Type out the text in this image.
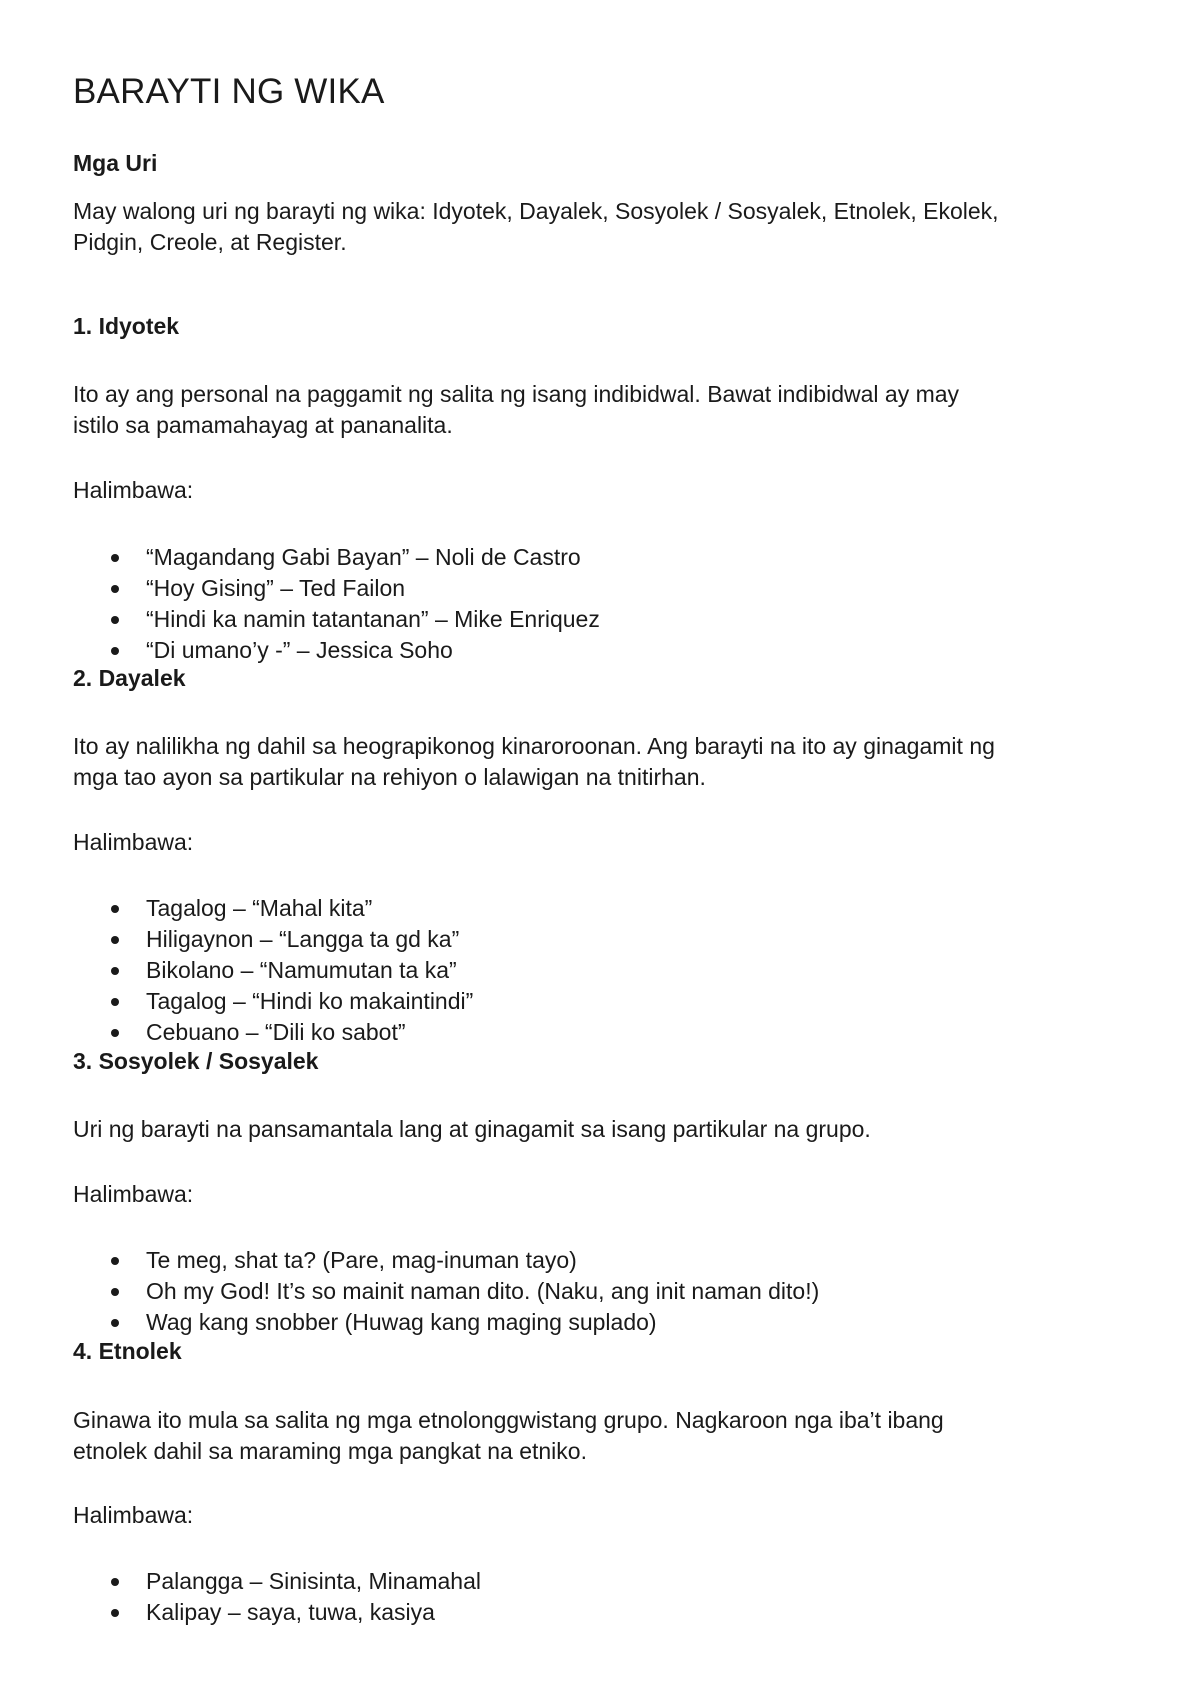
BARAYTI NG WIKA
Mga Uri

May walong uri ng barayti ng wika: Idyotek, Dayalek, Sosyolek / Sosyalek, Etnolek, Ekolek,
Pidgin, Creole, at Register.

1. Idyotek

Ito ay ang personal na paggamit ng salita ng isang indibidwal. Bawat indibidwal ay may
istilo sa pamamahayag at pananalita.

Halimbawa:

“Magandang Gabi Bayan” – Noli de Castro
“Hoy Gising” – Ted Failon
“Hindi ka namin tatantanan” – Mike Enriquez
“Di umano’y -” – Jessica Soho
2. Dayalek

Ito ay nalilikha ng dahil sa heograpikonog kinaroroonan. Ang barayti na ito ay ginagamit ng
mga tao ayon sa partikular na rehiyon o lalawigan na tnitirhan.

Halimbawa:

Tagalog – “Mahal kita”
Hiligaynon – “Langga ta gd ka”
Bikolano – “Namumutan ta ka”
Tagalog – “Hindi ko makaintindi”
Cebuano – “Dili ko sabot”
3. Sosyolek / Sosyalek

Uri ng barayti na pansamantala lang at ginagamit sa isang partikular na grupo.

Halimbawa:

Te meg, shat ta? (Pare, mag-inuman tayo)
Oh my God! It’s so mainit naman dito. (Naku, ang init naman dito!)
Wag kang snobber (Huwag kang maging suplado)
4. Etnolek

Ginawa ito mula sa salita ng mga etnolonggwistang grupo. Nagkaroon nga iba’t ibang
etnolek dahil sa maraming mga pangkat na etniko.

Halimbawa:

Palangga – Sinisinta, Minamahal
Kalipay – saya, tuwa, kasiya
